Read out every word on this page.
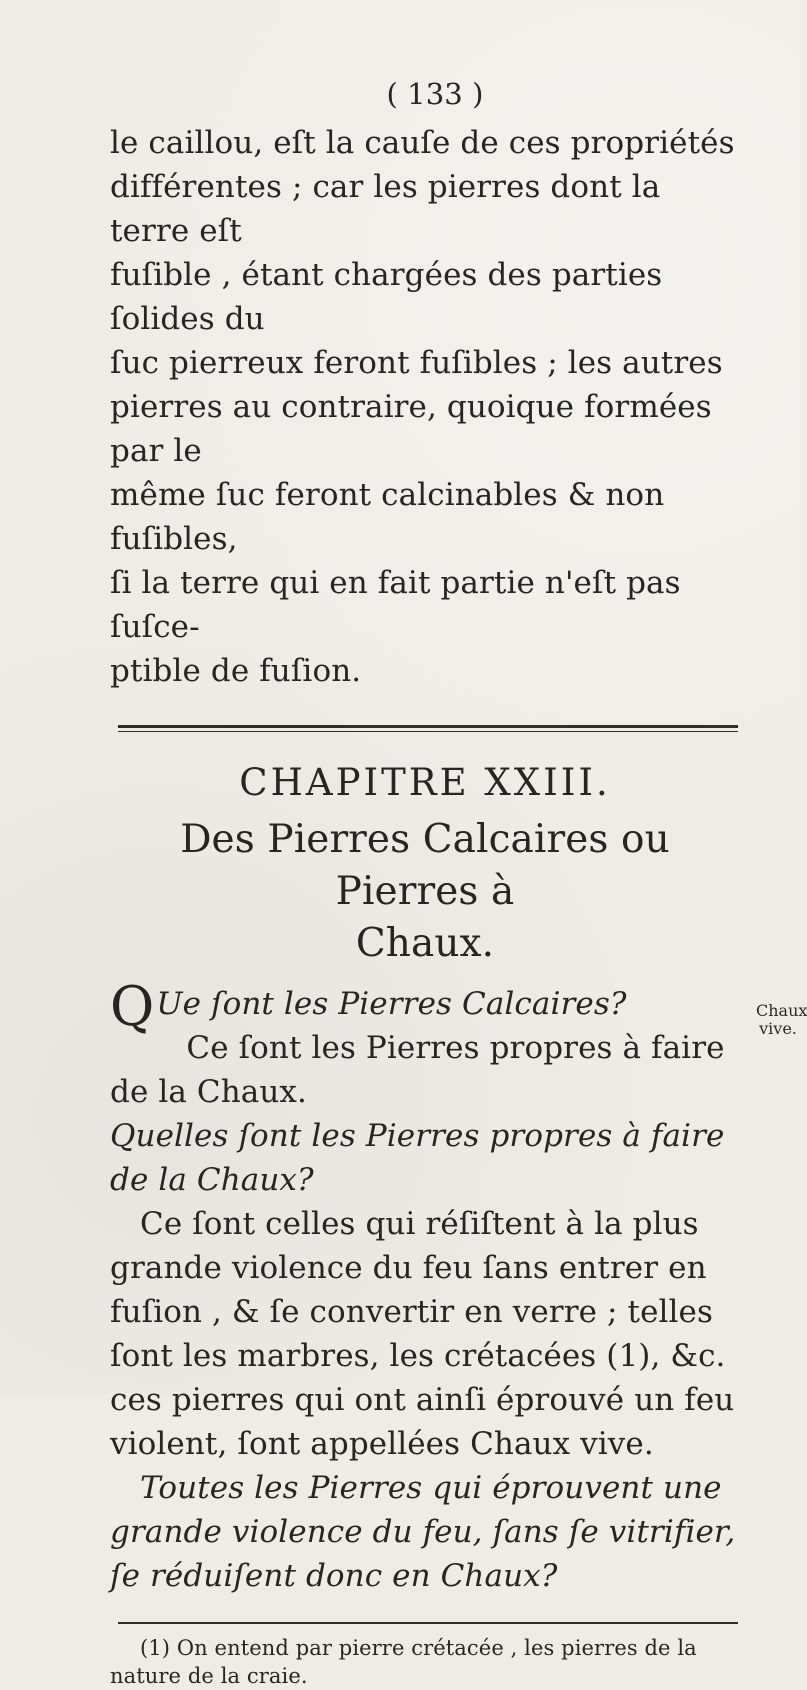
( 133 )

le caillou, eſt la cauſe de ces propriétés

différentes ; car les pierres dont la terre eſt

fuſible , étant chargées des parties ſolides du

ſuc pierreux feront fuſibles ; les autres

pierres au contraire, quoique formées par le

même ſuc feront calcinables & non fuſibles,

ſi la terre qui en fait partie n'eſt pas ſuſce-

ptible de fuſion.

CHAPITRE XXIII.
Des Pierres Calcaires ou Pierres à
Chaux.

Q Ue ſont les Pierres Calcaires?

Ce ſont les Pierres propres à faire de la Chaux.

Quelles ſont les Pierres propres à faire de la Chaux?

Ce ſont celles qui réſiſtent à la plus grande violence du feu ſans entrer en fuſion , & ſe convertir en verre ; telles ſont les marbres, les crétacées (1), &c. ces pierres qui ont ainſi éprouvé un feu violent, ſont appellées Chaux vive.

Toutes les Pierres qui éprouvent une grande violence du feu, ſans ſe vitrifier, ſe réduiſent donc en Chaux?

(1) On entend par pierre crétacée , les pierres de la nature de la craie.
Chaux vive.
